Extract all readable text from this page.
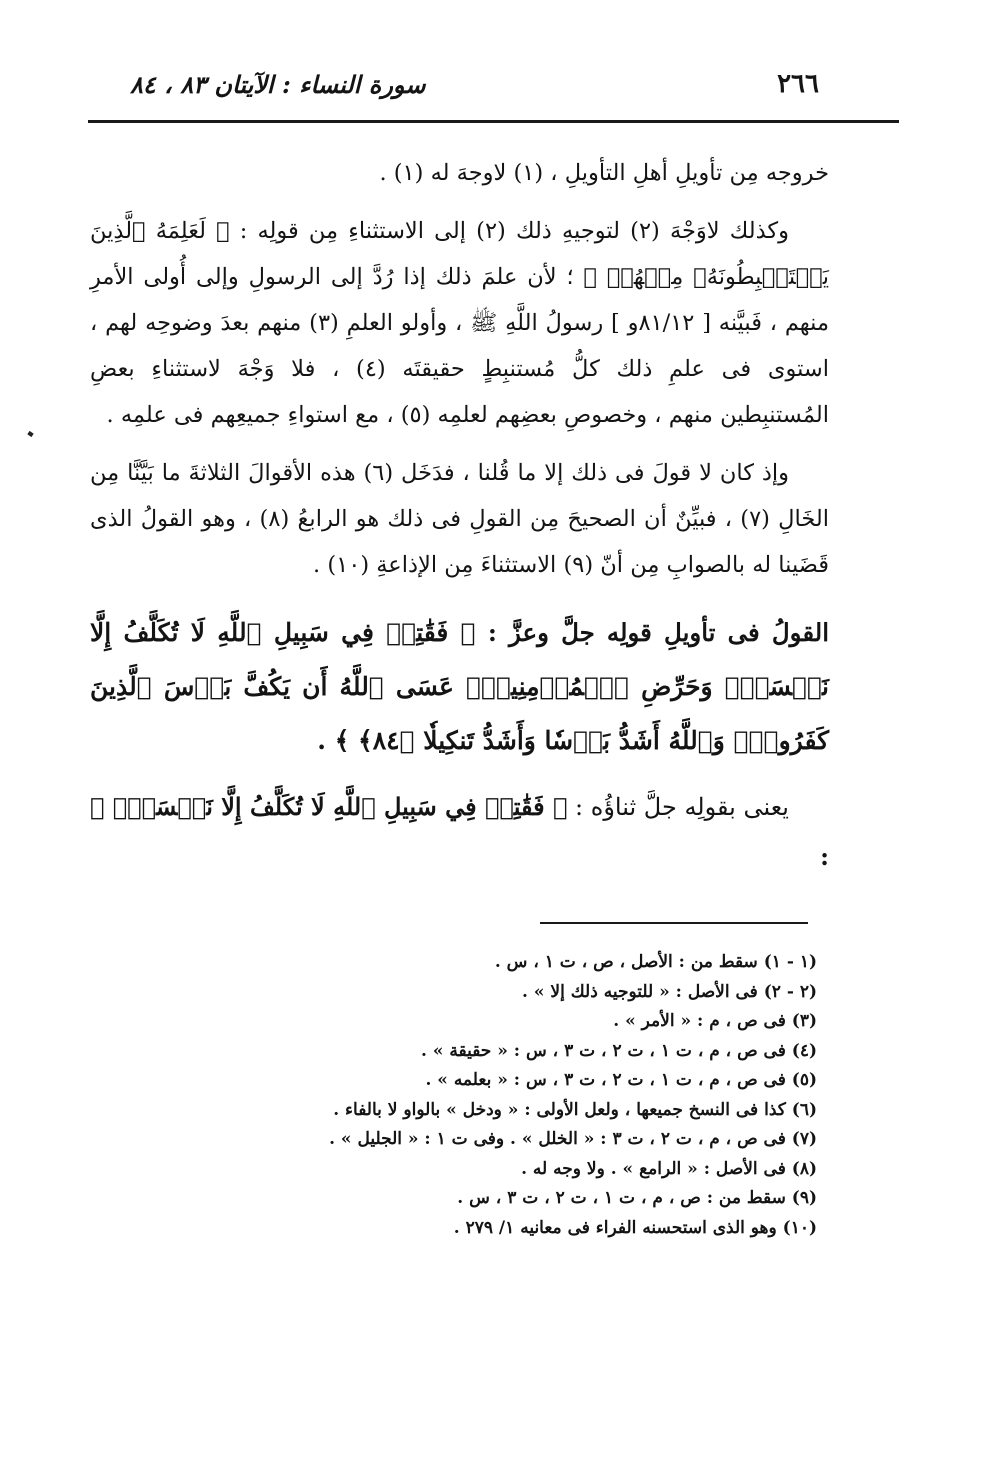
٢٦٦
سورة النساء : الآيتان ٨٣ ، ٨٤

خروجه مِن تأويلِ أهلِ التأويلِ ، (١) لاوجهَ له (١) .

وكذلك لاوَجْهَ (٢) لتوجيهِ ذلك (٢) إلى الاستثناءِ مِن قولِه : ﴿ لَعَلِمَهُ ٱلَّذِينَ يَسۡتَنۢبِطُونَهُۥ مِنۡهُمۡ ﴾ ؛ لأن علمَ ذلك إذا رُدَّ إلى الرسولِ وإلى أُولى الأمرِ منهم ، فَبيَّنه [ ٨١/١٢و ] رسولُ اللَّهِ ﷺ ، وأولو العلمِ (٣) منهم بعدَ وضوحِه لهم ، استوى فى علمِ ذلك كلُّ مُستنبِطٍ حقيقتَه (٤) ، فلا وَجْهَ لاستثناءِ بعضِ المُستنبِطين منهم ، وخصوصِ بعضِهم لعلمِه (٥) ، مع استواءِ جميعِهم فى علمِه .

وإذ كان لا قولَ فى ذلك إلا ما قُلنا ، فدَخَل (٦) هذه الأقوالَ الثلاثةَ ما بَيَّنَّا مِن الخَالِ (٧) ، فبيِّنٌ أن الصحيحَ مِن القولِ فى ذلك هو الرابعُ (٨) ، وهو القولُ الذى قَضَينا له بالصوابِ مِن أنّ (٩) الاستثناءَ مِن الإذاعةِ (١٠) .

القولُ فى تأويلِ قولِه جلَّ وعزَّ : ﴿ فَقَٰتِلۡ فِي سَبِيلِ ٱللَّهِ لَا تُكَلَّفُ إِلَّا نَفۡسَكَۚ وَحَرِّضِ ٱلۡمُؤۡمِنِينَۖ عَسَى ٱللَّهُ أَن يَكُفَّ بَأۡسَ ٱلَّذِينَ كَفَرُواْۚ وَٱللَّهُ أَشَدُّ بَأۡسٗا وَأَشَدُّ تَنكِيلٗا ﴿٨٤﴾ ﴾ .

يعنى بقولِه جلَّ ثناؤُه : ﴿ فَقَٰتِلۡ فِي سَبِيلِ ٱللَّهِ لَا تُكَلَّفُ إِلَّا نَفۡسَكَۚ ﴾ :

(١ - ١) سقط من : الأصل ، ص ، ت ١ ، س .
(٢ - ٢) فى الأصل : « للتوجيه ذلك إلا » .
(٣) فى ص ، م : « الأمر » .
(٤) فى ص ، م ، ت ١ ، ت ٢ ، ت ٣ ، س : « حقيقة » .
(٥) فى ص ، م ، ت ١ ، ت ٢ ، ت ٣ ، س : « بعلمه » .
(٦) كذا فى النسخ جميعها ، ولعل الأولى : « ودخل » بالواو لا بالفاء .
(٧) فى ص ، م ، ت ٢ ، ت ٣ : « الخلل » . وفى ت ١ : « الجليل » .
(٨) فى الأصل : « الرامع » . ولا وجه له .
(٩) سقط من : ص ، م ، ت ١ ، ت ٢ ، ت ٣ ، س .
(١٠) وهو الذى استحسنه الفراء فى معانيه ١/ ٢٧٩ .
